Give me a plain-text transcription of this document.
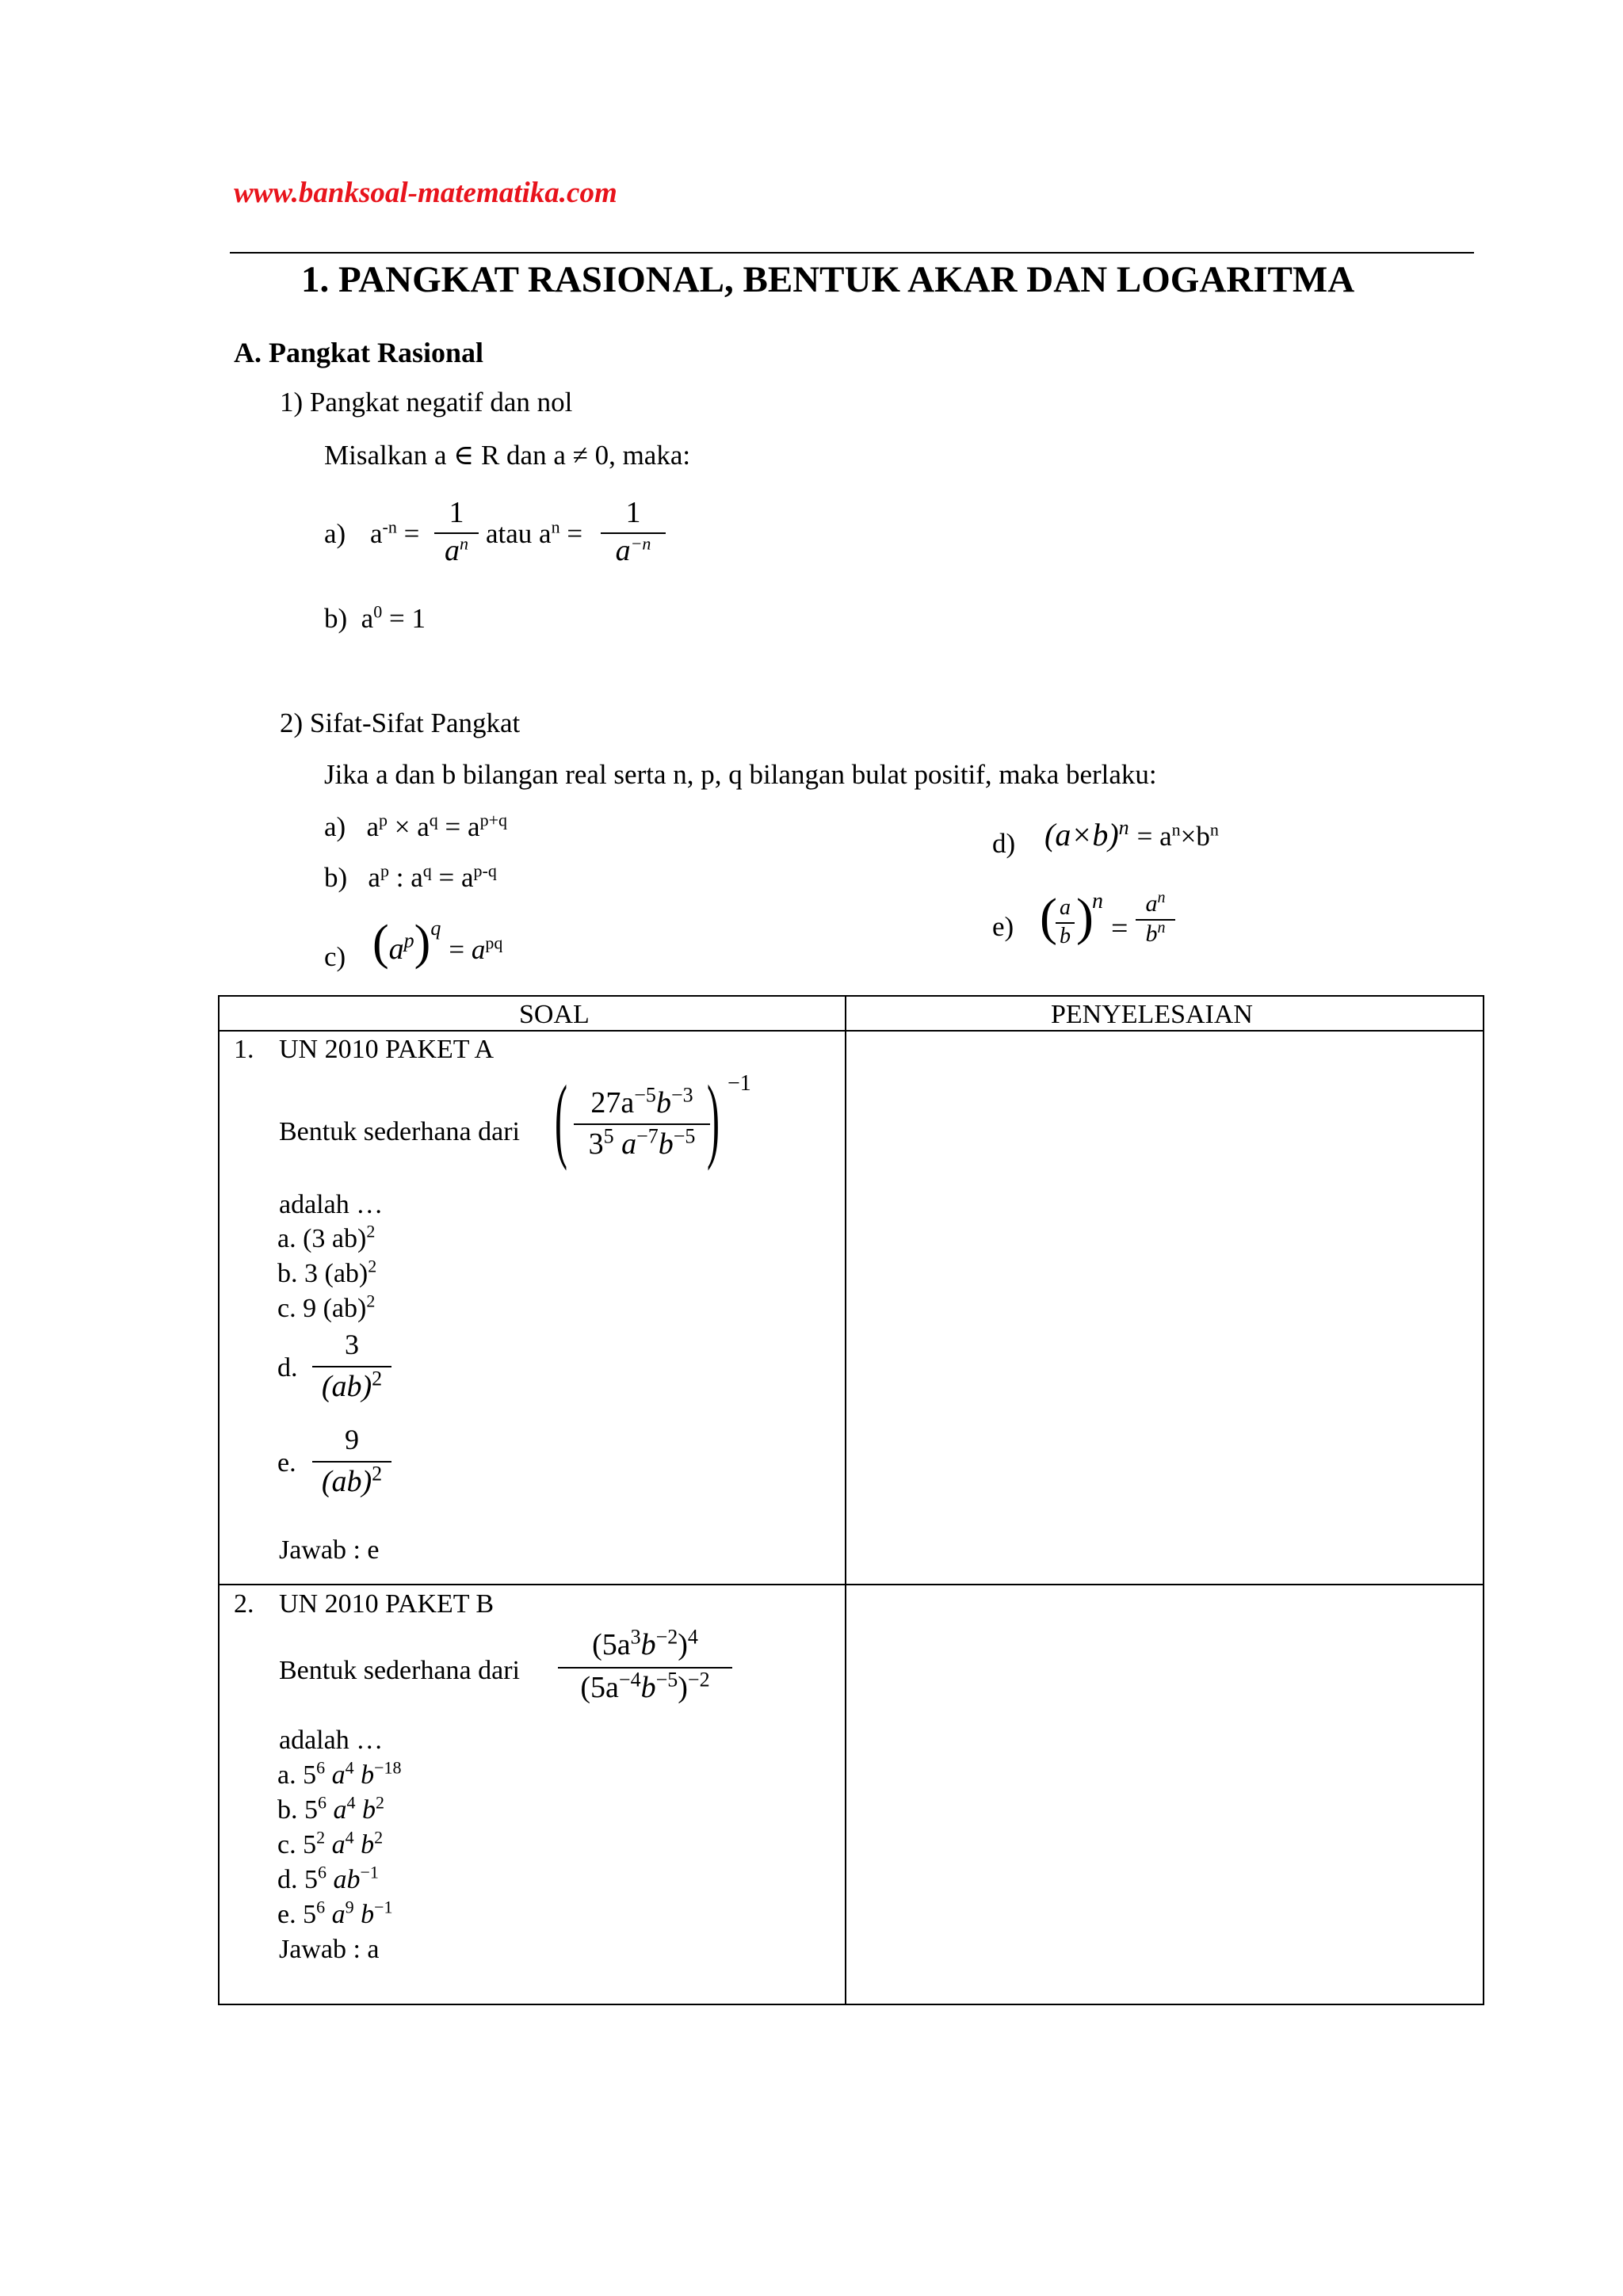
www.banksoal-matematika.com
1. PANGKAT RASIONAL, BENTUK AKAR DAN LOGARITMA
A. Pangkat Rasional
1) Pangkat negatif dan nol
Misalkan a ∈ R dan a ≠ 0, maka:
a) $a^{-n}$ =
1
$a^n$ atau $a^n$ =
1
$a^{-n}$
b) $a^0 = 1$
2) Sifat-Sifat Pangkat
Jika a dan b bilangan real serta n, p, q bilangan bulat positif, maka berlaku:
a)   $a^p \times a^q = a^{p+q}$
b)   $a^p$ : $a^q = a^{p-q}$
c) $(a^p)^q = a^{pq}$
d) $(a\times b)^n = a^n\times b^n$
e) ( a
b )
n
=
$a^n$
$b^n$
SOAL	PENYELESAIAN
1. UN 2010 PAKET A
Bentuk sederhana dari ( $27a^{-5}b^{-3}$
$3^5$ $a^{-7}b^{-5}$ ) −1
adalah …
a. (3 ab)$^2$
b. 3 (ab)$^2$
c. 9 (ab)$^2$
d.
3
(ab)$^2$
e.
9
(ab)$^2$
Jawab : e
2. UN 2010 PAKET B
Bentuk sederhana dari
$(5a^3b^{-2})^4$
$(5a^{-4}b^{-5})^{-2}$
adalah …
a. $5^6$ $a^4$ $b^{-18}$
b. $5^6$ $a^4$ $b^2$
c. $5^2$ $a^4$ $b^2$
d. $5^6$ $ab^{-1}$
e. $5^6$ $a^9$ $b^{-1}$
Jawab : a
